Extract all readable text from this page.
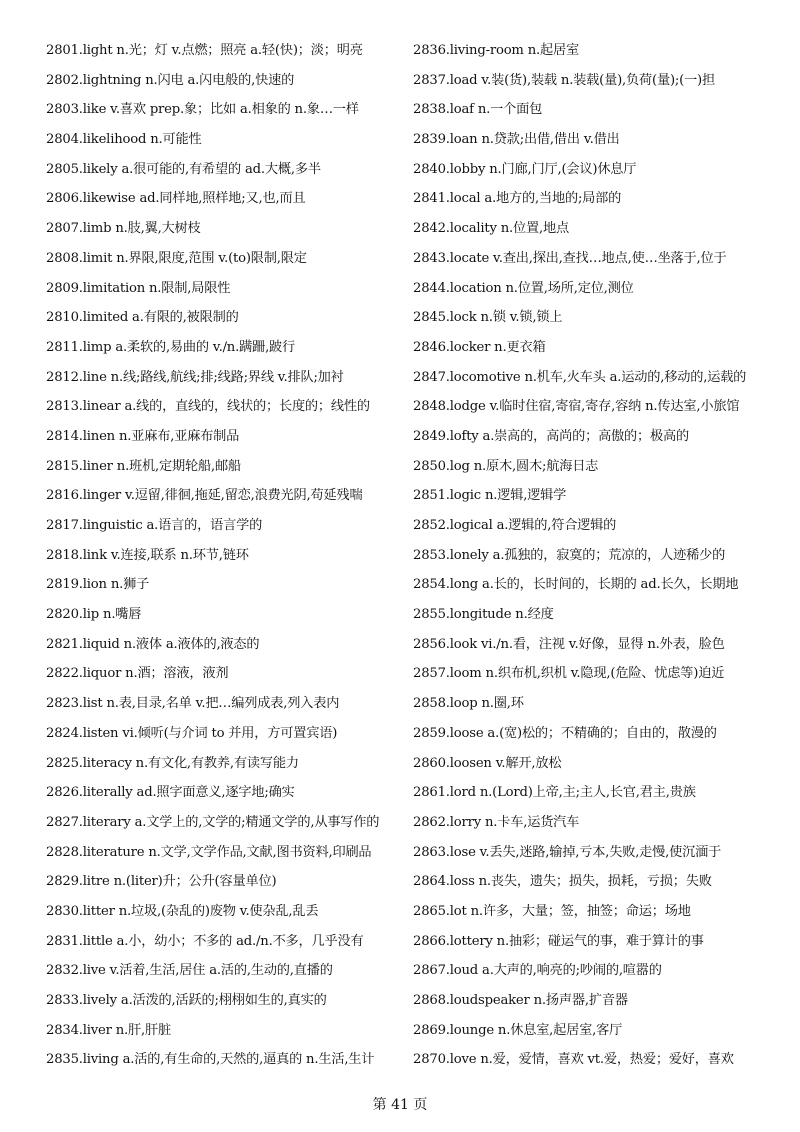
2801.light n.光；灯 v.点燃；照亮 a.轻(快)；淡；明亮
2802.lightning n.闪电 a.闪电般的,快速的
2803.like v.喜欢 prep.象；比如 a.相象的 n.象…一样
2804.likelihood n.可能性
2805.likely a.很可能的,有希望的 ad.大概,多半
2806.likewise ad.同样地,照样地;又,也,而且
2807.limb n.肢,翼,大树枝
2808.limit n.界限,限度,范围 v.(to)限制,限定
2809.limitation n.限制,局限性
2810.limited a.有限的,被限制的
2811.limp a.柔软的,易曲的 v./n.蹒跚,跛行
2812.line n.线;路线,航线;排;线路;界线 v.排队;加衬
2813.linear a.线的，直线的，线状的；长度的；线性的
2814.linen n.亚麻布,亚麻布制品
2815.liner n.班机,定期轮船,邮船
2816.linger v.逗留,徘徊,拖延,留恋,浪费光阴,苟延残喘
2817.linguistic a.语言的，语言学的
2818.link v.连接,联系 n.环节,链环
2819.lion n.狮子
2820.lip n.嘴唇
2821.liquid n.液体 a.液体的,液态的
2822.liquor n.酒；溶液，液剂
2823.list n.表,目录,名单 v.把…编列成表,列入表内
2824.listen vi.倾听(与介词 to 并用，方可置宾语)
2825.literacy n.有文化,有教养,有读写能力
2826.literally ad.照字面意义,逐字地;确实
2827.literary a.文学上的,文学的;精通文学的,从事写作的
2828.literature n.文学,文学作品,文献,图书资料,印刷品
2829.litre n.(liter)升；公升(容量单位)
2830.litter n.垃圾,(杂乱的)废物 v.使杂乱,乱丢
2831.little a.小，幼小；不多的 ad./n.不多，几乎没有
2832.live v.活着,生活,居住 a.活的,生动的,直播的
2833.lively a.活泼的,活跃的;栩栩如生的,真实的
2834.liver n.肝,肝脏
2835.living a.活的,有生命的,天然的,逼真的 n.生活,生计
2836.living-room n.起居室
2837.load v.装(货),装载 n.装载(量),负荷(量);(一)担
2838.loaf n.一个面包
2839.loan n.贷款;出借,借出 v.借出
2840.lobby n.门廊,门厅,(会议)休息厅
2841.local a.地方的,当地的;局部的
2842.locality n.位置,地点
2843.locate v.查出,探出,查找…地点,使…坐落于,位于
2844.location n.位置,场所,定位,测位
2845.lock n.锁 v.锁,锁上
2846.locker n.更衣箱
2847.locomotive n.机车,火车头 a.运动的,移动的,运载的
2848.lodge v.临时住宿,寄宿,寄存,容纳 n.传达室,小旅馆
2849.lofty a.崇高的，高尚的；高傲的；极高的
2850.log n.原木,圆木;航海日志
2851.logic n.逻辑,逻辑学
2852.logical a.逻辑的,符合逻辑的
2853.lonely a.孤独的，寂寞的；荒凉的，人迹稀少的
2854.long a.长的，长时间的，长期的 ad.长久，长期地
2855.longitude n.经度
2856.look vi./n.看，注视 v.好像，显得 n.外表，脸色
2857.loom n.织布机,织机 v.隐现,(危险、忧虑等)迫近
2858.loop n.圈,环
2859.loose a.(宽)松的；不精确的；自由的，散漫的
2860.loosen v.解开,放松
2861.lord n.(Lord)上帝,主;主人,长官,君主,贵族
2862.lorry n.卡车,运货汽车
2863.lose v.丢失,迷路,输掉,亏本,失败,走慢,使沉湎于
2864.loss n.丧失，遗失；损失，损耗，亏损；失败
2865.lot n.许多，大量；签，抽签；命运；场地
2866.lottery n.抽彩；碰运气的事，难于算计的事
2867.loud a.大声的,响亮的;吵闹的,喧嚣的
2868.loudspeaker n.扬声器,扩音器
2869.lounge n.休息室,起居室,客厅
2870.love n.爱，爱情，喜欢 vt.爱，热爱；爱好，喜欢
第 41 页
